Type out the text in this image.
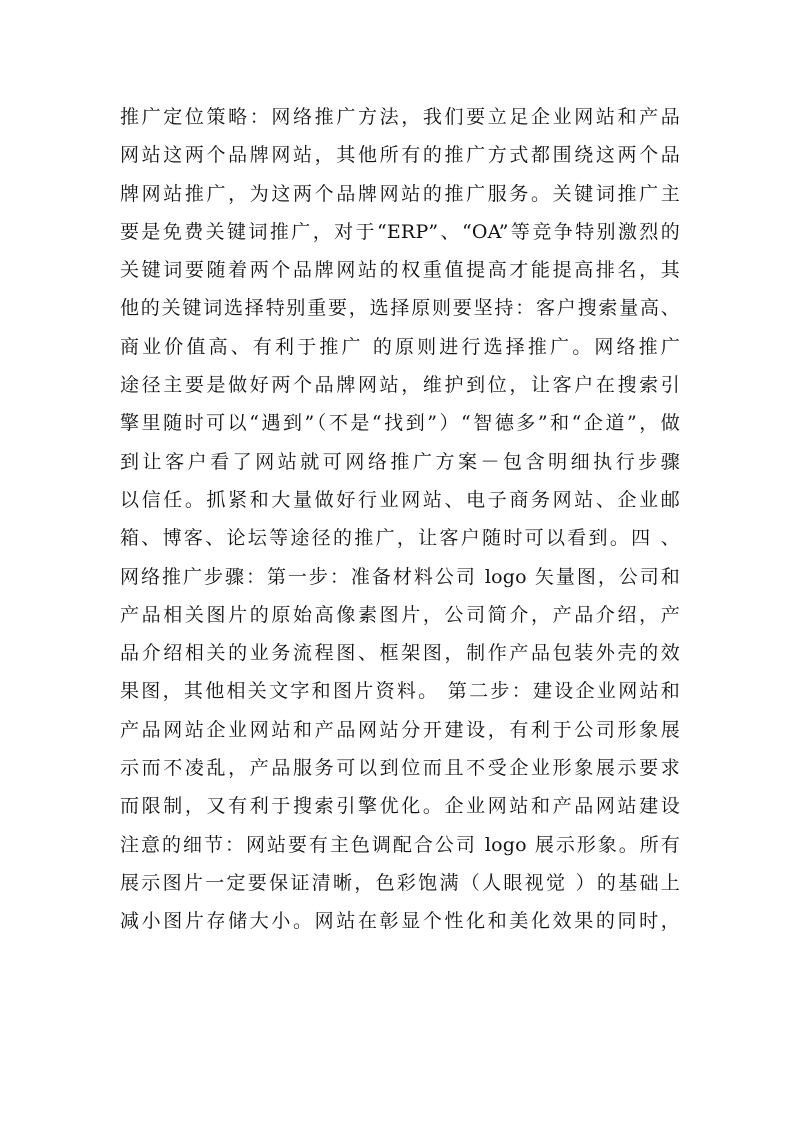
推广定位策略：网络推广方法，我们要立足企业网站和产品
网站这两个品牌网站，其他所有的推广方式都围绕这两个品
牌网站推广，为这两个品牌网站的推广服务。关键词推广主
要是免费关键词推广，对于“ERP”、“OA”等竞争特别激烈的
关键词要随着两个品牌网站的权重值提高才能提高排名，其
他的关键词选择特别重要，选择原则要坚持：客户搜索量高、
商业价值高、有利于推广 的原则进行选择推广。网络推广
途径主要是做好两个品牌网站，维护到位，让客户在搜索引
擎里随时可以“遇到”（不是“找到”）“智德多”和“企道”，做
到让客户看了网站就可网络推广方案－包含明细执行步骤
以信任。抓紧和大量做好行业网站、电子商务网站、企业邮
箱、博客、论坛等途径的推广，让客户随时可以看到。四 、
网络推广步骤：第一步：准备材料公司 logo 矢量图，公司和
产品相关图片的原始高像素图片，公司简介，产品介绍，产
品介绍相关的业务流程图、框架图，制作产品包装外壳的效
果图，其他相关文字和图片资料。 第二步：建设企业网站和
产品网站企业网站和产品网站分开建设，有利于公司形象展
示而不凌乱，产品服务可以到位而且不受企业形象展示要求
而限制，又有利于搜索引擎优化。企业网站和产品网站建设
注意的细节：网站要有主色调配合公司 logo 展示形象。所有
展示图片一定要保证清晰，色彩饱满（人眼视觉 ）的基础上
减小图片存储大小。网站在彰显个性化和美化效果的同时，
